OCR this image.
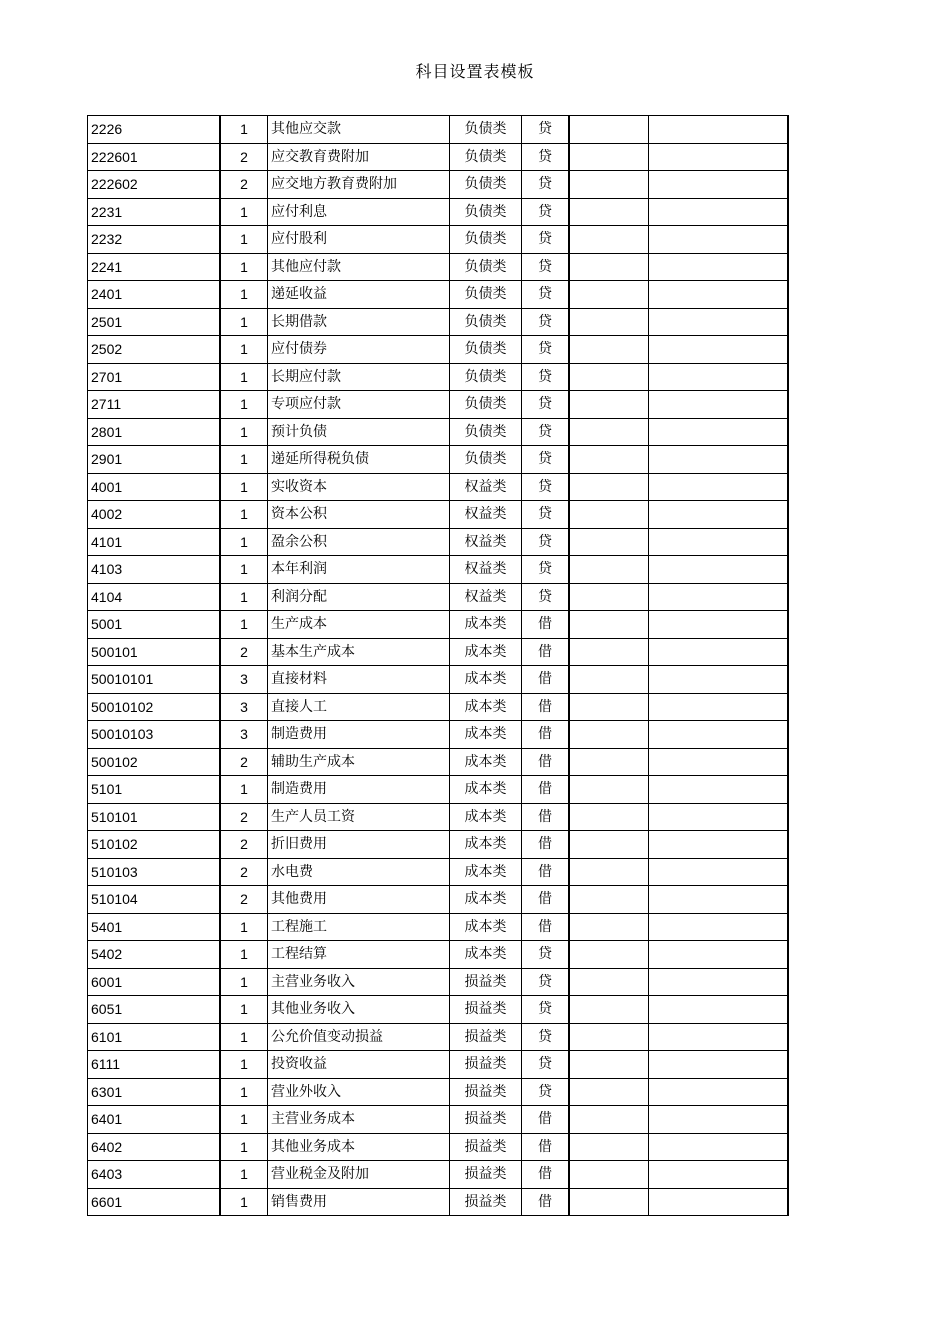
科目设置表模板
2226	1	其他应交款	负债类	贷		
222601	2	应交教育费附加	负债类	贷		
222602	2	应交地方教育费附加	负债类	贷		
2231	1	应付利息	负债类	贷		
2232	1	应付股利	负债类	贷		
2241	1	其他应付款	负债类	贷		
2401	1	递延收益	负债类	贷		
2501	1	长期借款	负债类	贷		
2502	1	应付债券	负债类	贷		
2701	1	长期应付款	负债类	贷		
2711	1	专项应付款	负债类	贷		
2801	1	预计负债	负债类	贷		
2901	1	递延所得税负债	负债类	贷		
4001	1	实收资本	权益类	贷		
4002	1	资本公积	权益类	贷		
4101	1	盈余公积	权益类	贷		
4103	1	本年利润	权益类	贷		
4104	1	利润分配	权益类	贷		
5001	1	生产成本	成本类	借		
500101	2	基本生产成本	成本类	借		
50010101	3	直接材料	成本类	借		
50010102	3	直接人工	成本类	借		
50010103	3	制造费用	成本类	借		
500102	2	辅助生产成本	成本类	借		
5101	1	制造费用	成本类	借		
510101	2	生产人员工资	成本类	借		
510102	2	折旧费用	成本类	借		
510103	2	水电费	成本类	借		
510104	2	其他费用	成本类	借		
5401	1	工程施工	成本类	借		
5402	1	工程结算	成本类	贷		
6001	1	主营业务收入	损益类	贷		
6051	1	其他业务收入	损益类	贷		
6101	1	公允价值变动损益	损益类	贷		
6111	1	投资收益	损益类	贷		
6301	1	营业外收入	损益类	贷		
6401	1	主营业务成本	损益类	借		
6402	1	其他业务成本	损益类	借		
6403	1	营业税金及附加	损益类	借		
6601	1	销售费用	损益类	借		
